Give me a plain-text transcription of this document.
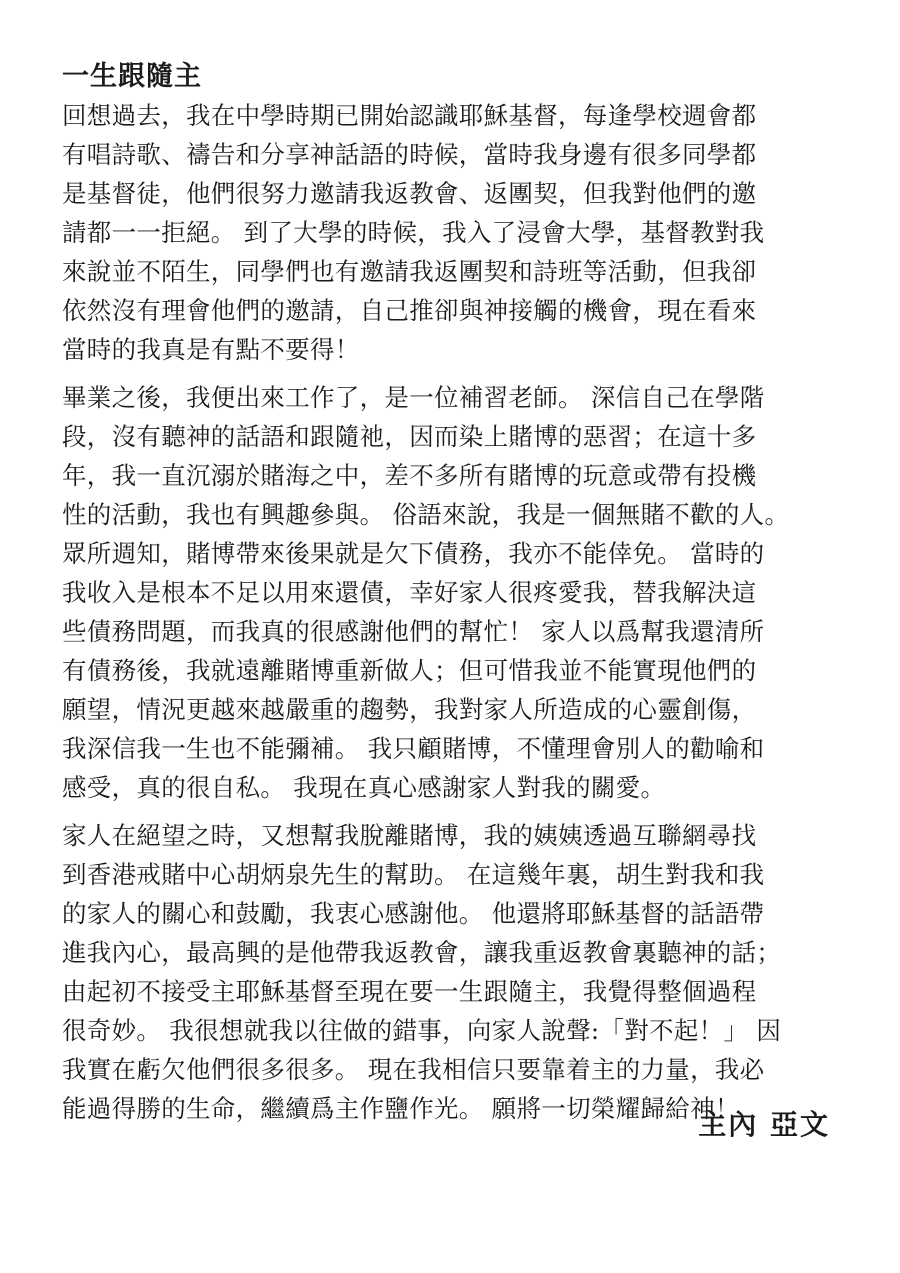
一生跟隨主
回想過去，我在中學時期已開始認識耶穌基督，每逢學校週會都
有唱詩歌、禱告和分享神話語的時候，當時我身邊有很多同學都
是基督徒，他們很努力邀請我返教會、返團契，但我對他們的邀
請都一一拒絕。 到了大學的時候，我入了浸會大學，基督教對我
來說並不陌生，同學們也有邀請我返團契和詩班等活動，但我卻
依然沒有理會他們的邀請，自己推卻與神接觸的機會，現在看來
當時的我真是有點不要得！
畢業之後，我便出來工作了，是一位補習老師。 深信自己在學階
段，沒有聽神的話語和跟隨祂，因而染上賭博的惡習；在這十多
年，我一直沉溺於賭海之中，差不多所有賭博的玩意或帶有投機
性的活動，我也有興趣參與。 俗語來說，我是一個無賭不歡的人。
眾所週知，賭博帶來後果就是欠下債務，我亦不能倖免。 當時的
我收入是根本不足以用來還債，幸好家人很疼愛我，替我解決這
些債務問題，而我真的很感謝他們的幫忙！ 家人以爲幫我還清所
有債務後，我就遠離賭博重新做人；但可惜我並不能實現他們的
願望，情況更越來越嚴重的趨勢，我對家人所造成的心靈創傷，
我深信我一生也不能彌補。 我只顧賭博，不懂理會別人的勸喻和
感受，真的很自私。 我現在真心感謝家人對我的關愛。
家人在絕望之時，又想幫我脫離賭博，我的姨姨透過互聯網尋找
到香港戒賭中心胡炳泉先生的幫助。 在這幾年裏，胡生對我和我
的家人的關心和鼓勵，我衷心感謝他。 他還將耶穌基督的話語帶
進我內心，最高興的是他帶我返教會，讓我重返教會裏聽神的話；
由起初不接受主耶穌基督至現在要一生跟隨主，我覺得整個過程
很奇妙。 我很想就我以往做的錯事，向家人說聲:「對不起！」 因
我實在虧欠他們很多很多。 現在我相信只要靠着主的力量，我必
能過得勝的生命，繼續爲主作鹽作光。 願將一切榮耀歸給神！
主內 亞文
